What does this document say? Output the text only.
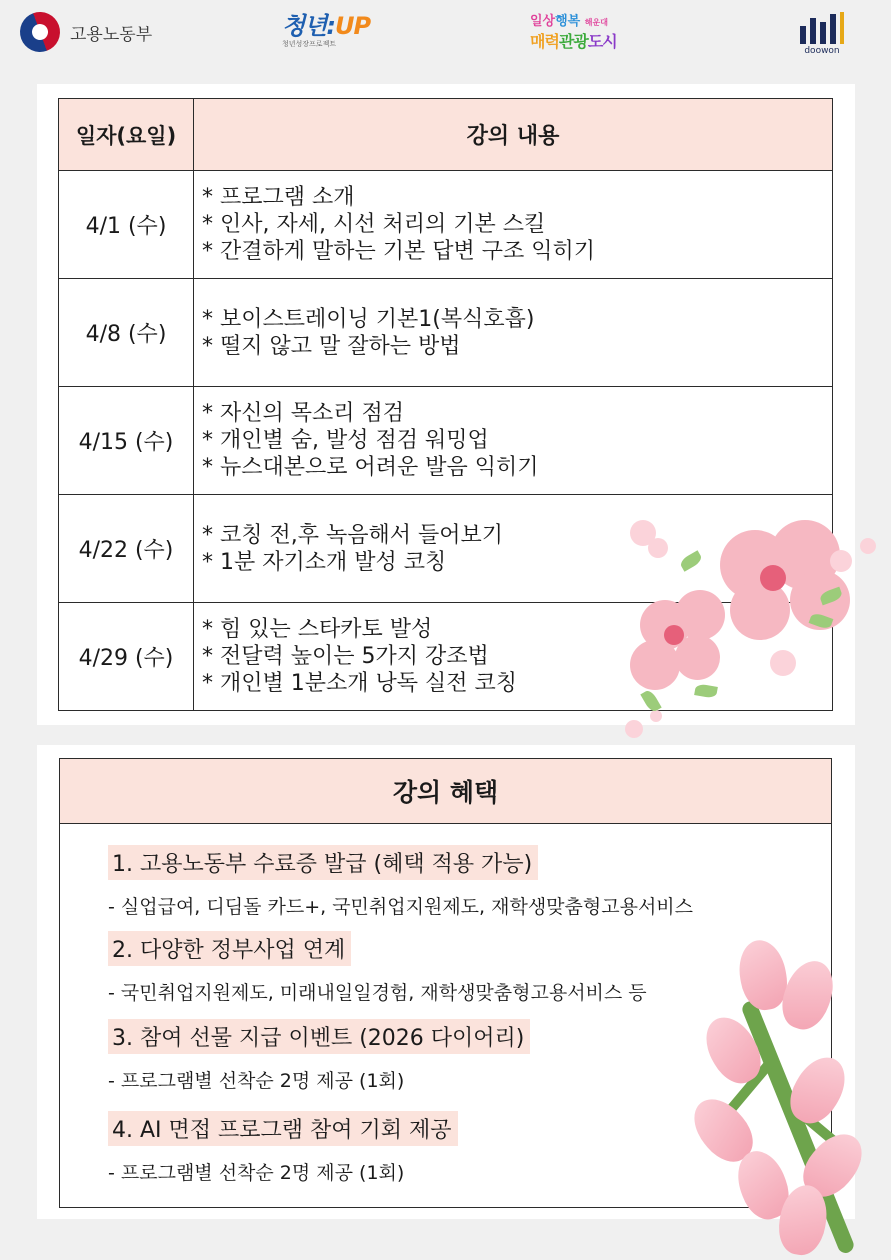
고용노동부	청년:UP
청년성장프로젝트
일상행복 해운대
매력관광도시	doowon
일자(요일)	강의 내용
4/1 (수)	* 프로그램 소개
* 인사, 자세, 시선 처리의 기본 스킬
* 간결하게 말하는 기본 답변 구조 익히기

4/8 (수)	* 보이스트레이닝 기본1(복식호흡)
* 떨지 않고 말 잘하는 방법

4/15 (수)	* 자신의 목소리 점검
* 개인별 숨, 발성 점검 워밍업
* 뉴스대본으로 어려운 발음 익히기

4/22 (수)	* 코칭 전,후 녹음해서 들어보기
* 1분 자기소개 발성 코칭

4/29 (수)	* 힘 있는 스타카토 발성
* 전달력 높이는 5가지 강조법
* 개인별 1분소개 낭독 실전 코칭
강의 혜택
1. 고용노동부 수료증 발급 (혜택 적용 가능)
- 실업급여, 디딤돌 카드+, 국민취업지원제도, 재학생맞춤형고용서비스
2. 다양한 정부사업 연계
- 국민취업지원제도, 미래내일일경험, 재학생맞춤형고용서비스 등
3. 참여 선물 지급 이벤트 (2026 다이어리)
- 프로그램별 선착순 2명 제공 (1회)
4. AI 면접 프로그램 참여 기회 제공
- 프로그램별 선착순 2명 제공 (1회)
